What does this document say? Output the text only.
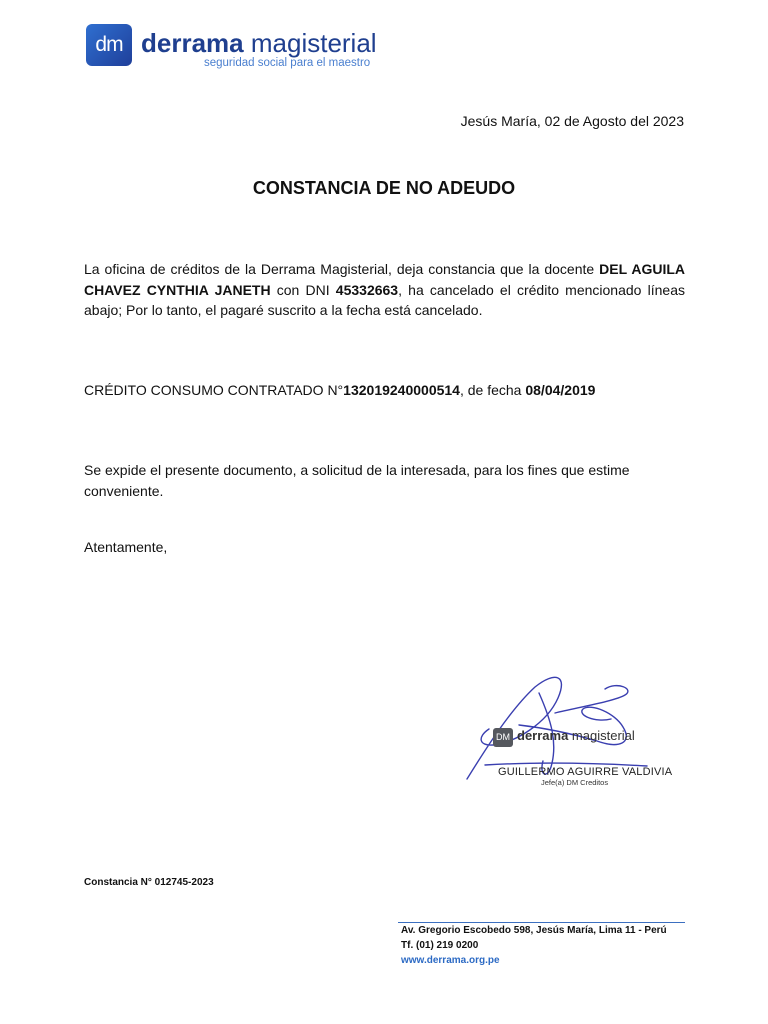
dm derrama magisterial
seguridad social para el maestro
Jesús María, 02 de Agosto del 2023
CONSTANCIA DE NO ADEUDO
La oficina de créditos de la Derrama Magisterial, deja constancia que la docente DEL AGUILA CHAVEZ CYNTHIA JANETH con DNI 45332663, ha cancelado el crédito mencionado líneas abajo; Por lo tanto, el pagaré suscrito a la fecha está cancelado.
CRÉDITO CONSUMO CONTRATADO N°132019240000514, de fecha 08/04/2019
Se expide el presente documento, a solicitud de la interesada, para los fines que estime conveniente.
Atentamente,
DM derrama magisterial
GUILLERMO AGUIRRE VALDIVIA
Jefe(a) DM Creditos
Constancia N° 012745-2023
Av. Gregorio Escobedo 598, Jesús María, Lima 11 - Perú
Tf. (01) 219 0200
www.derrama.org.pe
